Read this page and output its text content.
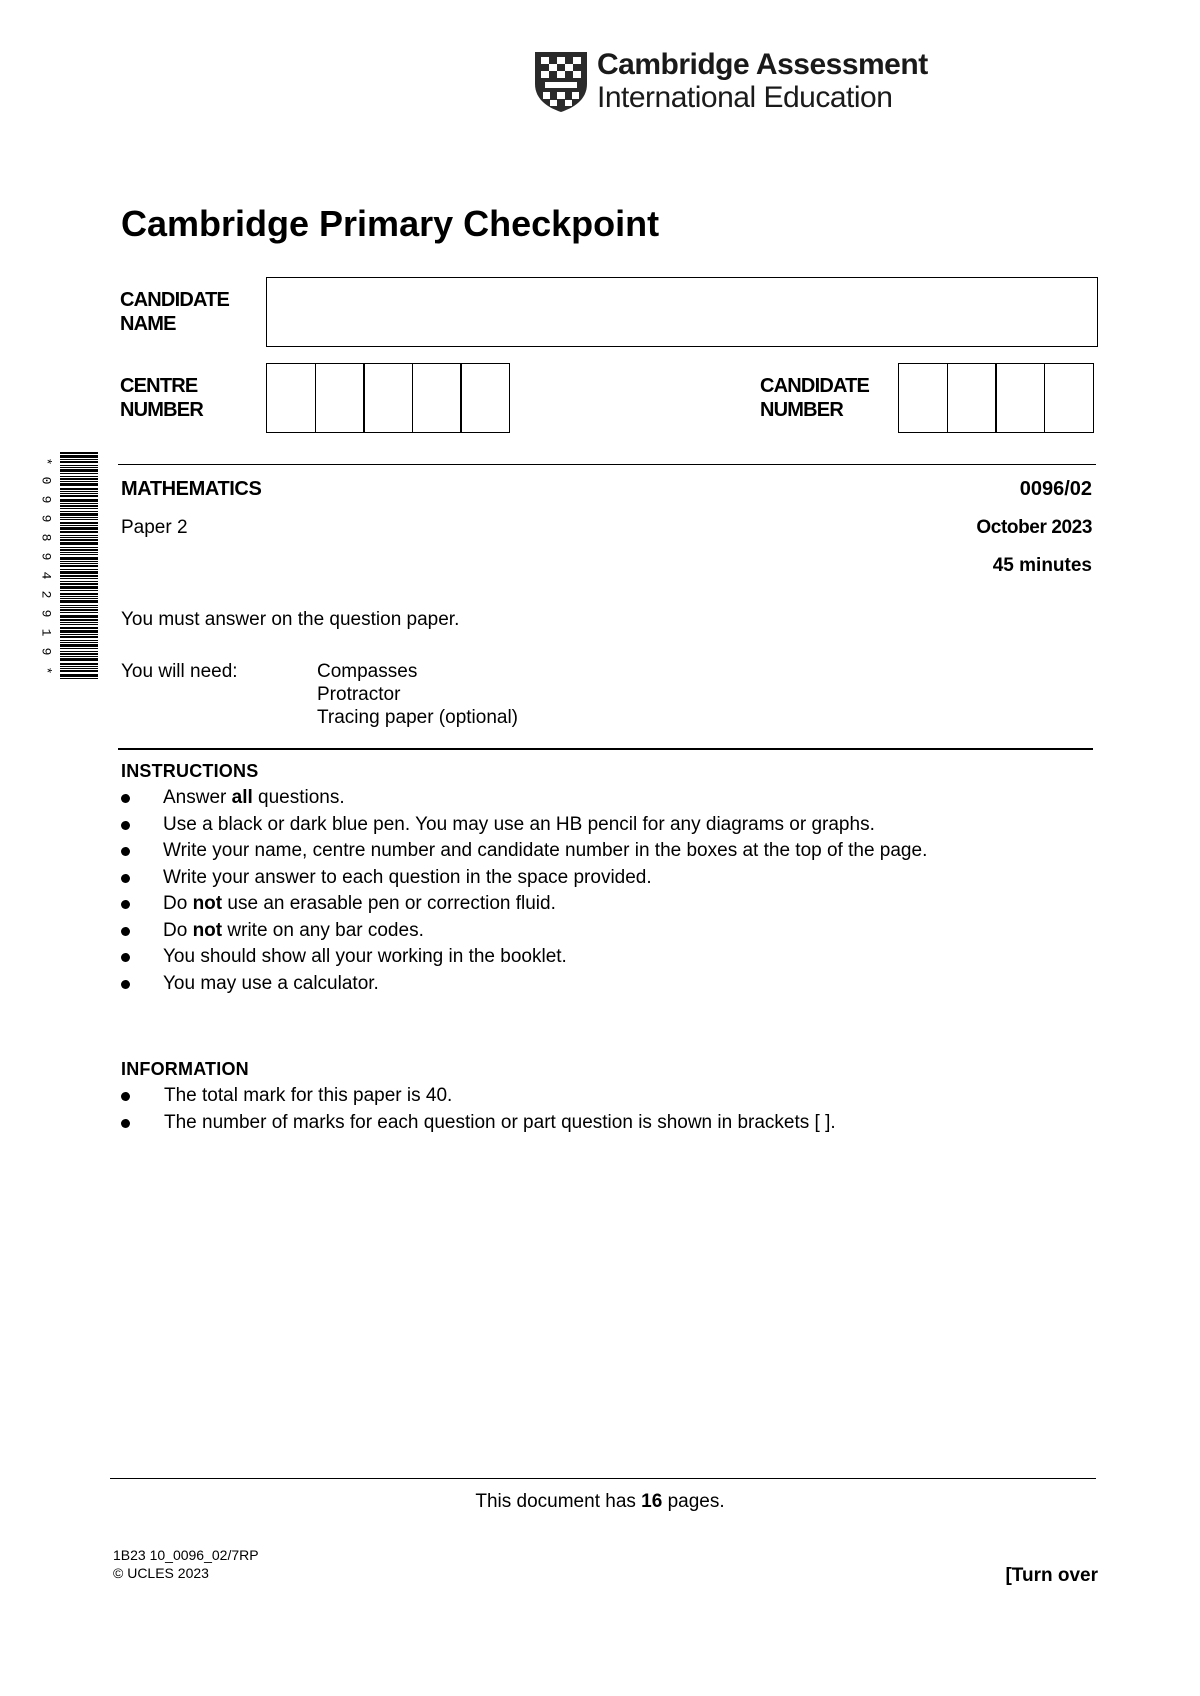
Cambridge Assessment
International Education
Cambridge Primary Checkpoint
CANDIDATE
NAME
CENTRE
NUMBER
CANDIDATE
NUMBER
*
0
9
9
8
9
4
2
9
1
9
*
MATHEMATICS	0096/02
Paper 2	October 2023
45 minutes
You must answer on the question paper.
You will need:	Compasses
Protractor
Tracing paper (optional)
INSTRUCTIONS
Answer all questions.
Use a black or dark blue pen. You may use an HB pencil for any diagrams or graphs.
Write your name, centre number and candidate number in the boxes at the top of the page.
Write your answer to each question in the space provided.
Do not use an erasable pen or correction fluid.
Do not write on any bar codes.
You should show all your working in the booklet.
You may use a calculator.
INFORMATION
The total mark for this paper is 40.
The number of marks for each question or part question is shown in brackets [ ].
This document has 16 pages.
1B23 10_0096_02/7RP
© UCLES 2023	[Turn over
